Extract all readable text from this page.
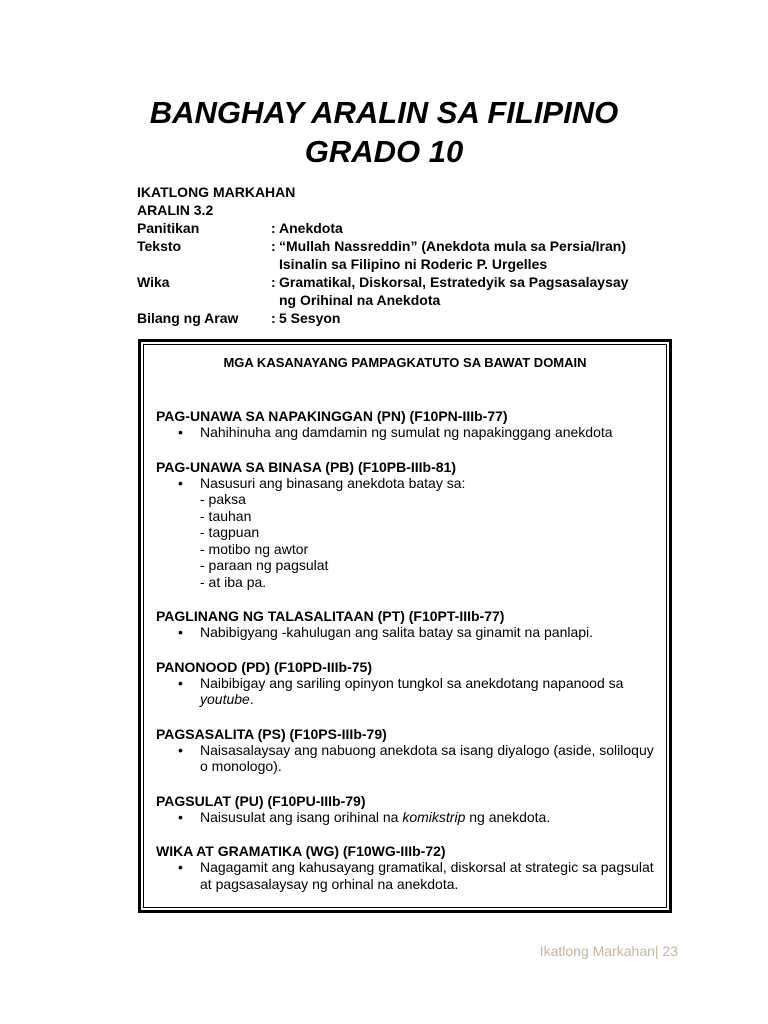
BANGHAY ARALIN SA FILIPINO
GRADO 10
IKATLONG MARKAHAN
ARALIN 3.2
Panitikan	: Anekdota
Teksto	: “Mullah Nassreddin” (Anekdota mula sa Persia/Iran)
Isinalin sa Filipino ni Roderic P. Urgelles
Wika	: Gramatikal, Diskorsal, Estratedyik sa Pagsasalaysay
ng Orihinal na Anekdota
Bilang ng Araw	: 5 Sesyon
MGA KASANAYANG PAMPAGKATUTO SA BAWAT DOMAIN
PAG-UNAWA SA NAPAKINGGAN (PN) (F10PN-IIIb-77)
•	Nahihinuha ang damdamin ng sumulat ng napakinggang anekdota
PAG-UNAWA SA BINASA (PB) (F10PB-IIIb-81)
•	Nasusuri ang binasang anekdota batay sa:
- paksa
- tauhan
- tagpuan
- motibo ng awtor
- paraan ng pagsulat
- at iba pa.
PAGLINANG NG TALASALITAAN (PT) (F10PT-IIIb-77)
•	Nabibigyang -kahulugan ang salita batay sa ginamit na panlapi.
PANONOOD (PD) (F10PD-IIIb-75)
•	Naibibigay ang sariling opinyon tungkol sa anekdotang napanood sa
youtube.
PAGSASALITA (PS) (F10PS-IIIb-79)
•	Naisasalaysay ang nabuong anekdota sa isang diyalogo (aside, soliloquy
o monologo).
PAGSULAT (PU) (F10PU-IIIb-79)
•	Naisusulat ang isang orihinal na komikstrip ng anekdota.
WIKA AT GRAMATIKA (WG) (F10WG-IIIb-72)
•	Nagagamit ang kahusayang gramatikal, diskorsal at strategic sa pagsulat
at pagsasalaysay ng orhinal na anekdota.
Ikatlong Markahan| 23
